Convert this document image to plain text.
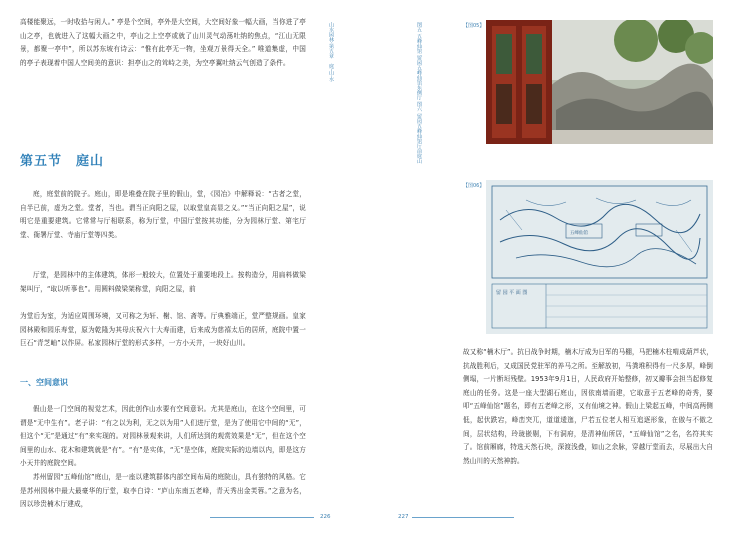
高楼能聚远，一时收拾与闲人。” 亭是个空间，亭外是大空间，大空间好象一幅大画，当你进了亭山之亭，也就进入了这幅大画之中，亭山之上空亭或就了山川灵气动荡吐纳的焦点，“江山无限景，都聚一亭中”，所以苏东坡有诗云：“惟有此亭无一物，坐观万景得天全。” 唯道集虚，中国的亭子表现着中国人空间美的意识：担亭山之的耸峙之美，为空亭翼吐纳云气创造了条件。

第五节　庭山

庭，庭堂前的院子。庭山，即是堆叠在院子里的假山，堂，《园冶》中解释说：“古者之堂，自半已前，虚为之堂。堂者，当也。谓当正向阳之屋，以取堂皇高显之义。”“当正向阳之屋”，说明它是重要建筑。它常常与厅相联系，称为厅堂，中国厅堂按其功能，分为园林厅堂、第宅厅堂、衙署厅堂、寺庙厅堂等四类。

厅堂，是园林中的主体建筑，体形一般较大，位置处于重要地段上。按构造分，用扁料做梁架叫厅，“取以听事也”。用圆料做梁架称堂，向阳之屋，前

为堂后为室，为适应周围环境，又可称之为轩、榭、馆、斋等。厅典雅端正，堂严整规画。皇家园林殿和园乐寿堂，原为乾隆为其母庆祝六十大寿而建，后来成为慈禧太后的居所，庭院中置一巨石“青芝岫”以作屏。私家园林厅堂的形式多样，一方小天井，一块好山川。

一、空间意识

假山是一门空间的视觉艺术，因此创作山水要有空间意识。尤其是庭山，在这个空间里，可谓是“无中生有”。老子讲：“有之以为利，无之以为用”人们进厅堂，是为了使用它中间的“无”，但这个“无”是通过“有”来实现的。对园林景观来讲，人们所达到的观赏效果是“无”，但在这个空间里的山水、花木和建筑就是“有”。“有”是实体，“无”是空体，庭院实际的边墙以内，即是这方小天井的庭院空间。

苏州留园“五峰仙馆”庭山，是一座以建筑群体内部空间布局的庭院山，具有独特的风格。它是苏州园林中最大最豪华的厅堂，取李白诗：“庐山东南五老峰，青天秀出金芙蓉。”之意为名，因以珍贵楠木厅建成，

226
山水园林·第五章　庭·山·水	图五 五峰仙馆 留园五峰仙馆东侧厅 图六 留园五峰仙馆厅前庭山	【图05】
【图06】
留 园 平 面 图
五峰仙馆

故又称“楠木厅”。抗日战争时期，楠木厅成为日军的马棚，马把楠木柱啃成葫芦状，抗战胜利后，又成国民党驻军的养马之所。至解放初，马粪堆积得有一尺多厚，峰倒侧塌，一片断垣残壁。1953年9月1日，人民政府开始整修，初又瓣事会担当起修复庭山的任务。这是一座大型湖石庭山，因依南墙而建，它取意于五老峰的奇秀，要叩“五峰仙馆”题名，即有五老峰之形，又有仙境之神。假山上梁起五峰，中间高两侧低，起伏跌宕，峰峦突兀，道道逶迤，尸若五位老人相互追逐形象，在傲与不傲之间，层状结构，玲珑嵌剔，下有洞府，是清神仙所居，“五峰仙馆”之名，名符其实了。馆前厢廊，特选天然石块，深渡浅叠，如山之余脉，穿越厅堂而去，尽展出大自然山川的天然神韵。

227
